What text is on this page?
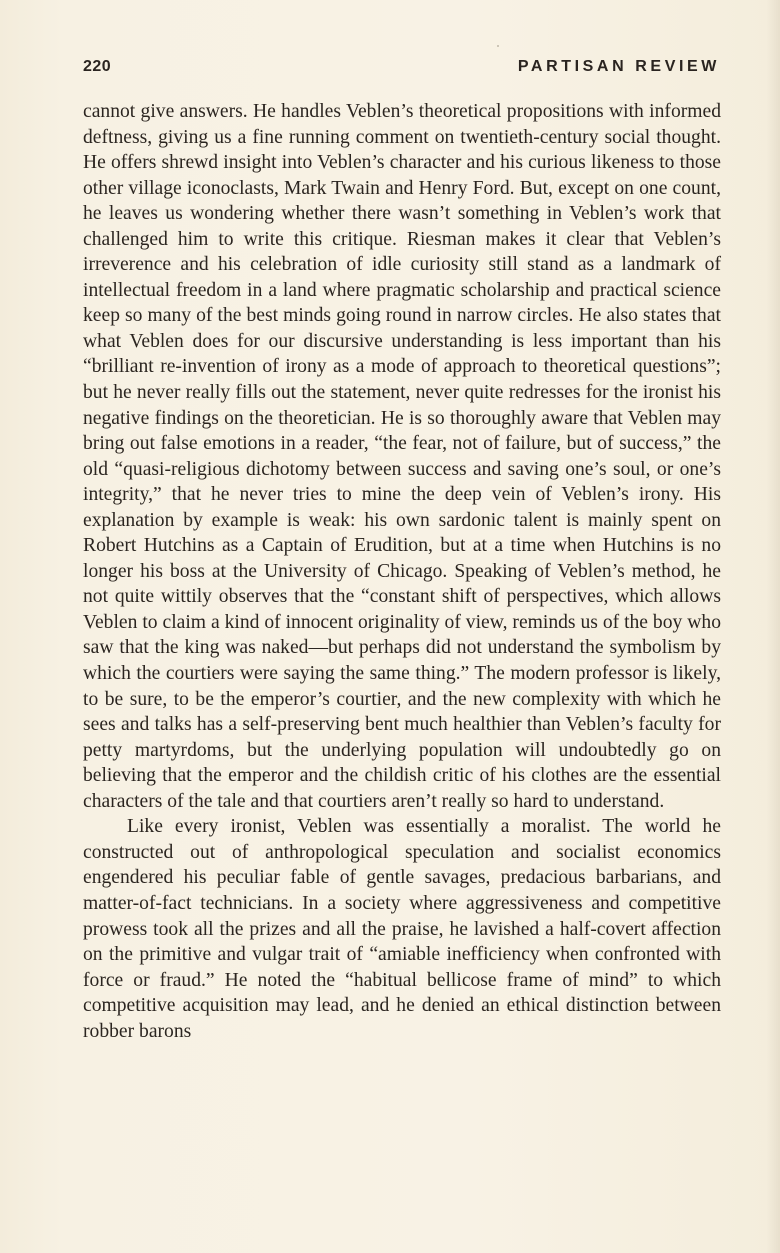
220	PARTISAN REVIEW

cannot give answers. He handles Veblen’s theoretical propositions with informed deftness, giving us a fine running comment on twentieth-century social thought. He offers shrewd insight into Veblen’s character and his curious likeness to those other village iconoclasts, Mark Twain and Henry Ford. But, except on one count, he leaves us wondering whether there wasn’t something in Veblen’s work that challenged him to write this critique. Riesman makes it clear that Veblen’s irreverence and his celebration of idle curiosity still stand as a landmark of intellectual freedom in a land where pragmatic scholarship and practical science keep so many of the best minds going round in narrow circles. He also states that what Veblen does for our discursive understanding is less important than his “brilliant re-invention of irony as a mode of approach to theoretical questions”; but he never really fills out the statement, never quite redresses for the ironist his negative findings on the theoretician. He is so thoroughly aware that Veblen may bring out false emotions in a reader, “the fear, not of failure, but of success,” the old “quasi-religious dichotomy between success and saving one’s soul, or one’s integrity,” that he never tries to mine the deep vein of Veblen’s irony. His explanation by example is weak: his own sardonic talent is mainly spent on Robert Hutchins as a Captain of Erudition, but at a time when Hutchins is no longer his boss at the University of Chicago. Speaking of Veblen’s method, he not quite wittily observes that the “constant shift of perspectives, which allows Veblen to claim a kind of innocent originality of view, reminds us of the boy who saw that the king was naked—but perhaps did not understand the symbolism by which the courtiers were saying the same thing.” The modern professor is likely, to be sure, to be the emperor’s courtier, and the new complexity with which he sees and talks has a self-preserving bent much healthier than Veblen’s faculty for petty martyrdoms, but the underlying population will undoubtedly go on believing that the emperor and the childish critic of his clothes are the essential characters of the tale and that courtiers aren’t really so hard to understand.

Like every ironist, Veblen was essentially a moralist. The world he constructed out of anthropological speculation and socialist economics engendered his peculiar fable of gentle savages, predacious barbarians, and matter-of-fact technicians. In a society where aggressiveness and competitive prowess took all the prizes and all the praise, he lavished a half-covert affection on the primitive and vulgar trait of “amiable inefficiency when confronted with force or fraud.” He noted the “habitual bellicose frame of mind” to which competitive acquisition may lead, and he denied an ethical distinction between robber barons
